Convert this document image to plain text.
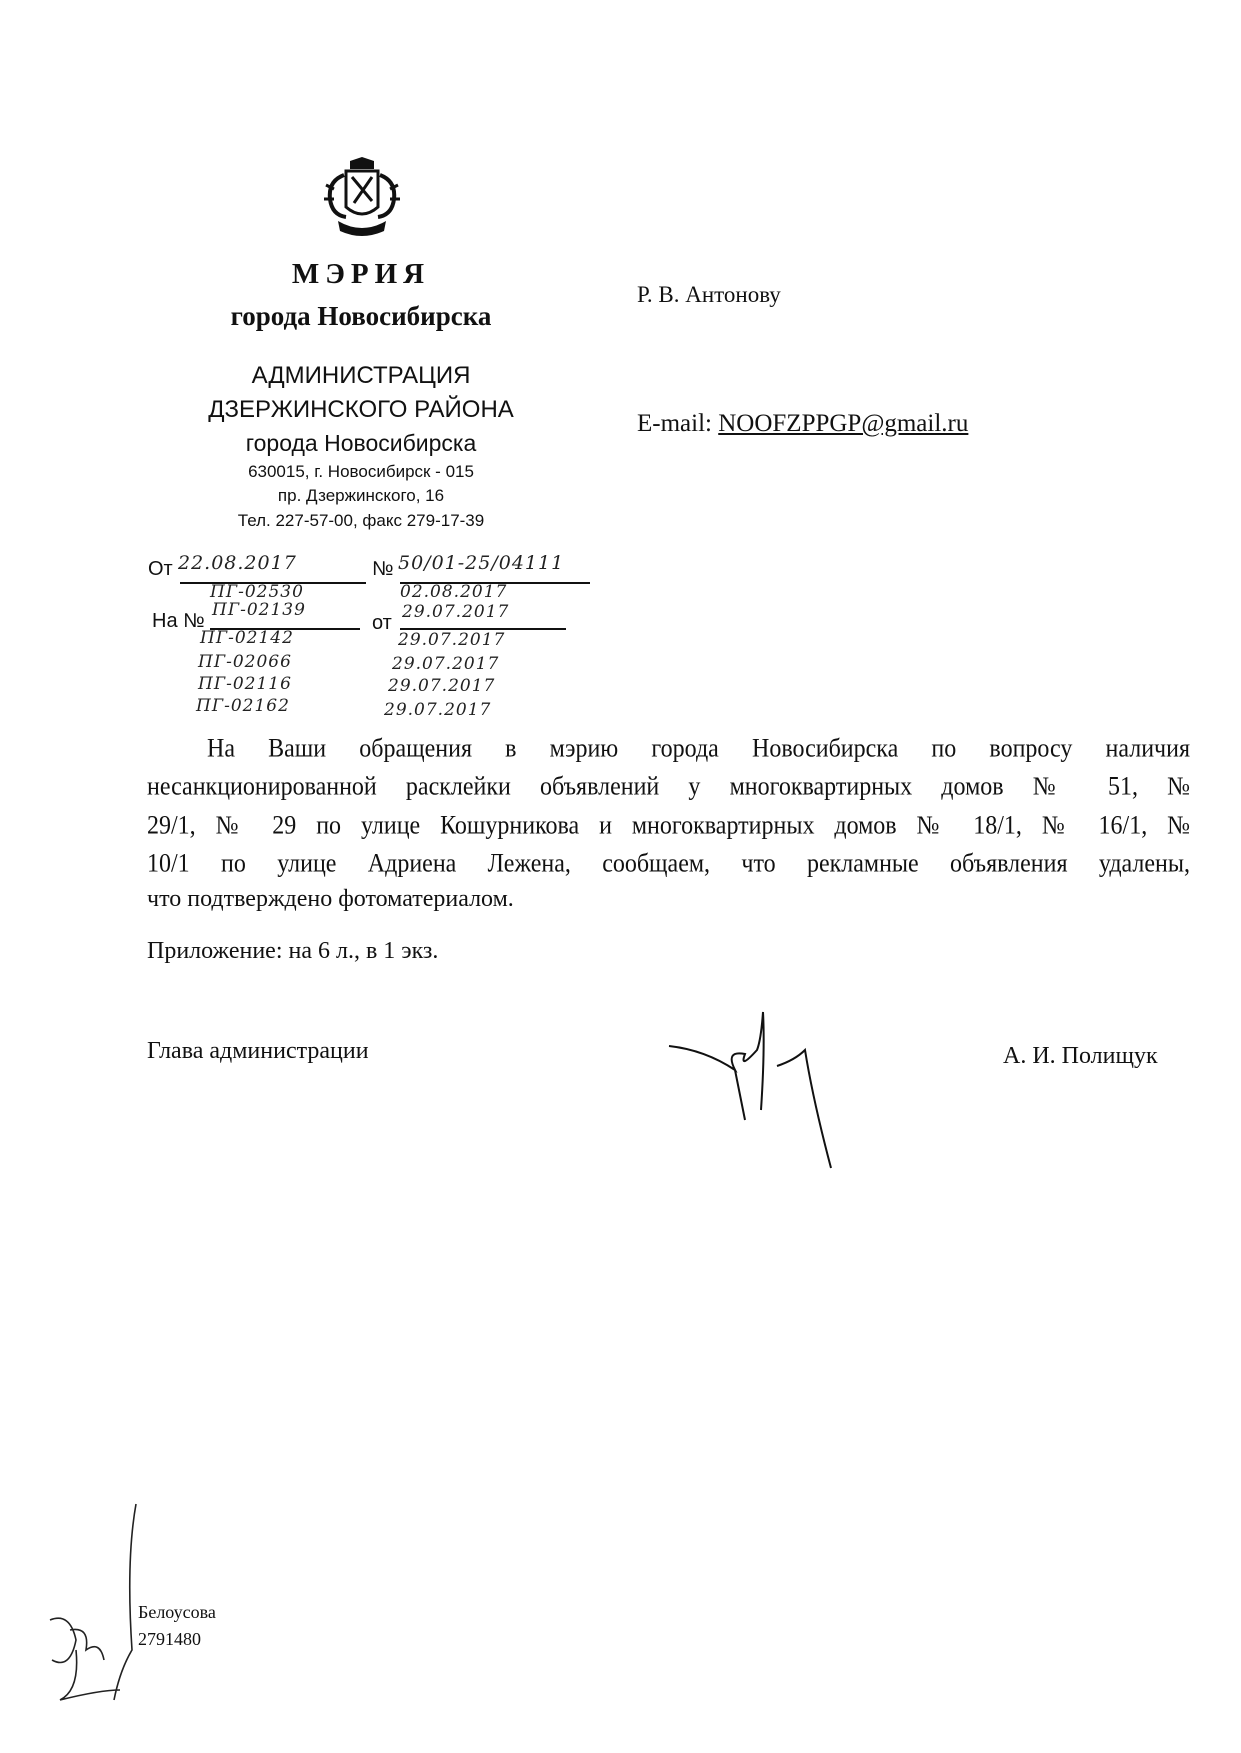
МЭРИЯ
города Новосибирска
АДМИНИСТРАЦИЯ
ДЗЕРЖИНСКОГО РАЙОНА
города Новосибирска
630015, г. Новосибирск - 015
пр. Дзержинского, 16
Тел. 227-57-00, факс 279-17-39
Р. В. Антонову
E-mail: NOOFZPPGP@gmail.ru
От 22.08.2017	№ 50/01-25/04111
ПГ-02530	02.08.2017
На № ПГ-02139	29.07.2017
от
ПГ-02142	29.07.2017
ПГ-02066	29.07.2017
ПГ-02116	29.07.2017
ПГ-02162	29.07.2017
На Ваши обращения в мэрию города Новосибирска по вопросу наличия
несанкционированной расклейки объявлений у многоквартирных домов № 51, №
29/1, № 29 по улице Кошурникова и многоквартирных домов № 18/1, № 16/1, №
10/1 по улице Адриена Лежена, сообщаем, что рекламные объявления удалены,
что подтверждено фотоматериалом.
Приложение: на 6 л., в 1 экз.
Глава администрации	А. И. Полищук
Белоусова
2791480
